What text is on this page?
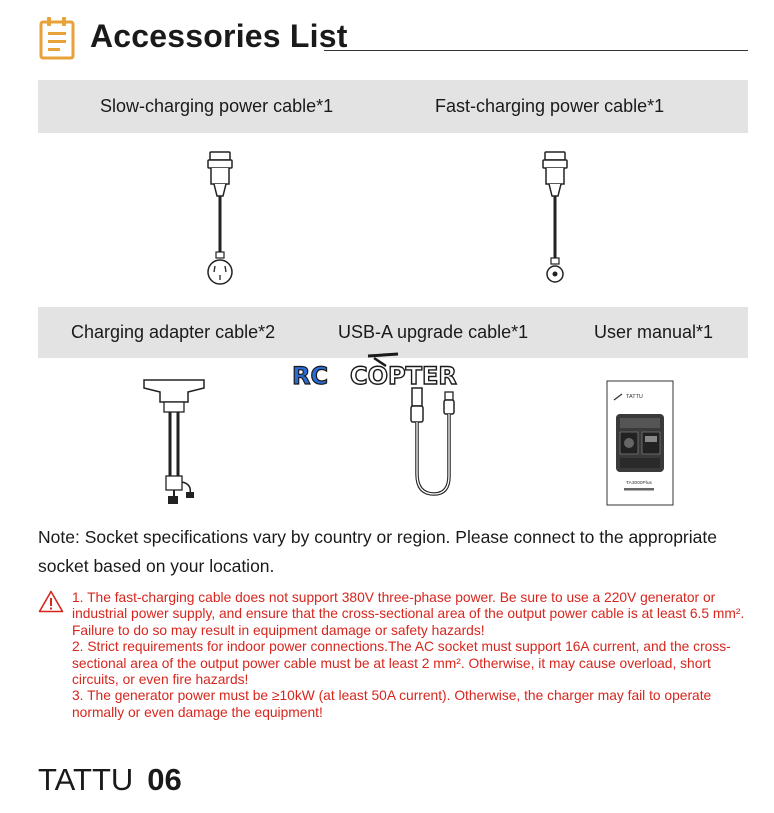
Accessories List
Slow-charging power cable*1	Fast-charging power cable*1
Charging adapter cable*2	USB-A upgrade cable*1	User manual*1
TATTU
TA3000Plus
RC COPTER
Note: Socket specifications vary by country or region. Please connect to the appropriate socket based on your location.

1. The fast-charging cable does not support 380V three-phase power. Be sure to use a 220V generator or industrial power supply, and ensure that the cross-sectional area of the output power cable is at least 6.5 mm². Failure to do so may result in equipment damage or safety hazards!

2. Strict requirements for indoor power connections.The AC socket must support 16A current, and the cross-sectional area of the output power cable must be at least 2 mm². Otherwise, it may cause overload, short circuits, or even fire hazards!

3. The generator power must be ≥10kW (at least 50A current). Otherwise, the charger may fail to operate normally or even damage the equipment!

TATTU 06
